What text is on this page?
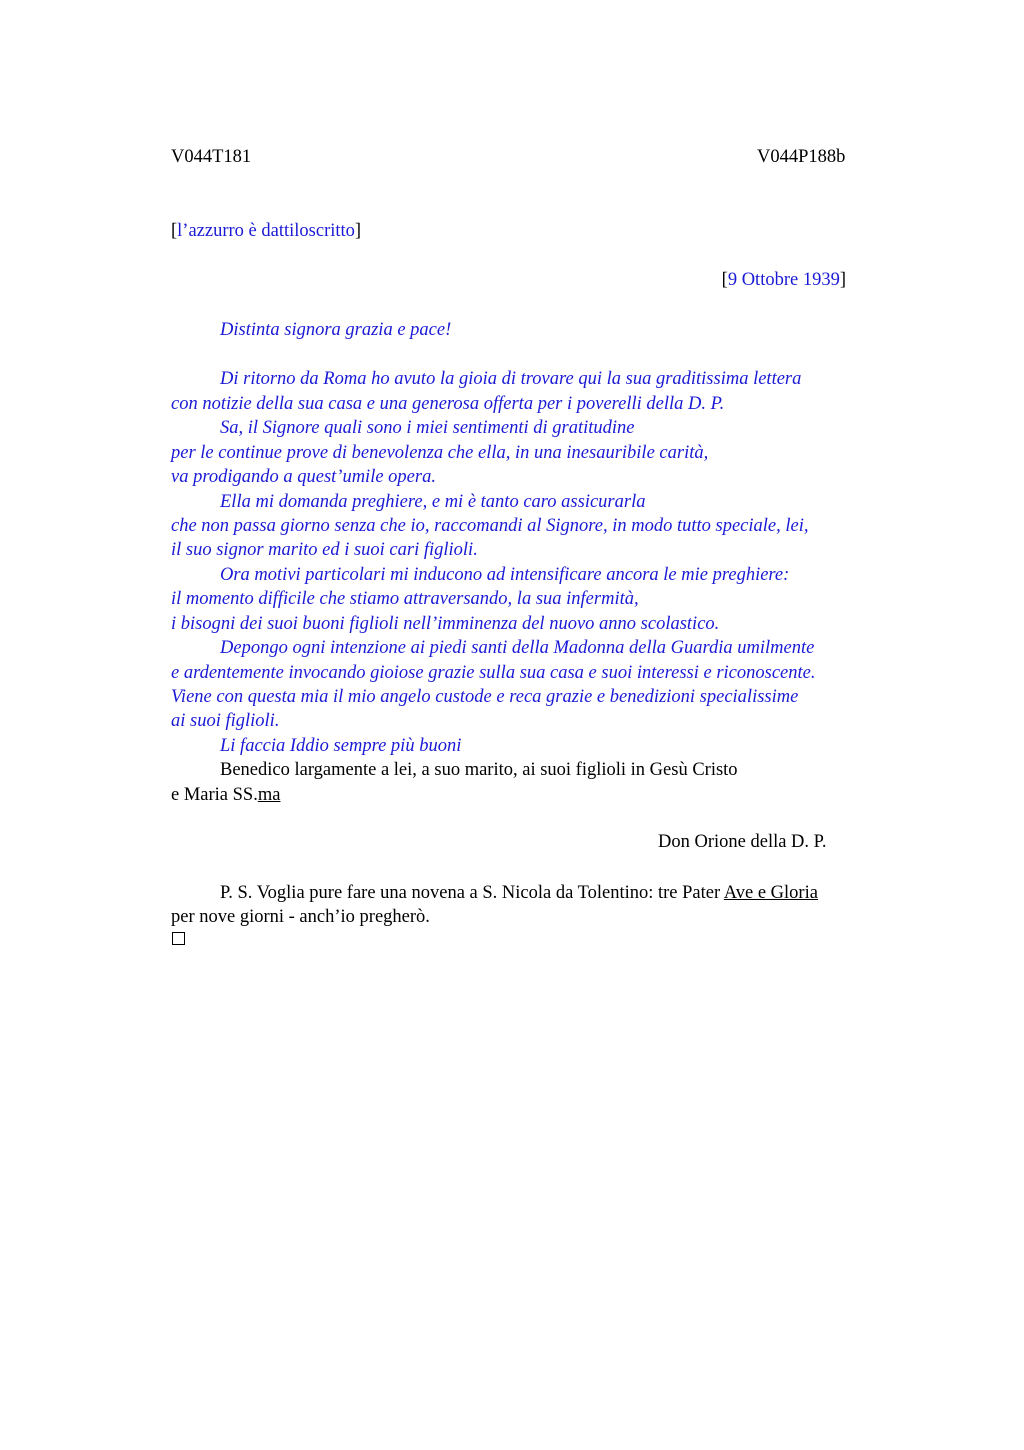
V044T181	V044P188b
[l’azzurro è dattiloscritto]
[9 Ottobre 1939]
Distinta signora grazia e pace!
Di ritorno da Roma ho avuto la gioia di trovare qui la sua graditissima lettera
con notizie della sua casa e una generosa offerta per i poverelli della D. P.
Sa, il Signore quali sono i miei sentimenti di gratitudine
per le continue prove di benevolenza che ella, in una inesauribile carità,
va prodigando a quest’umile opera.
Ella mi domanda preghiere, e mi è tanto caro assicurarla
che non passa giorno senza che io, raccomandi al Signore, in modo tutto speciale, lei,
il suo signor marito ed i suoi cari figlioli.
Ora motivi particolari mi inducono ad intensificare ancora le mie preghiere:
il momento difficile che stiamo attraversando, la sua infermità,
i bisogni dei suoi buoni figlioli nell’imminenza del nuovo anno scolastico.
Depongo ogni intenzione ai piedi santi della Madonna della Guardia umilmente
e ardentemente invocando gioiose grazie sulla sua casa e suoi interessi e riconoscente.
Viene con questa mia il mio angelo custode e reca grazie e benedizioni specialissime
ai suoi figlioli.
Li faccia Iddio sempre più buoni
Benedico largamente a lei, a suo marito, ai suoi figlioli in Gesù Cristo
e Maria SS.ma
Don Orione della D. P.
P. S. Voglia pure fare una novena a S. Nicola da Tolentino: tre Pater Ave e Gloria
per nove giorni - anch’io pregherò.
